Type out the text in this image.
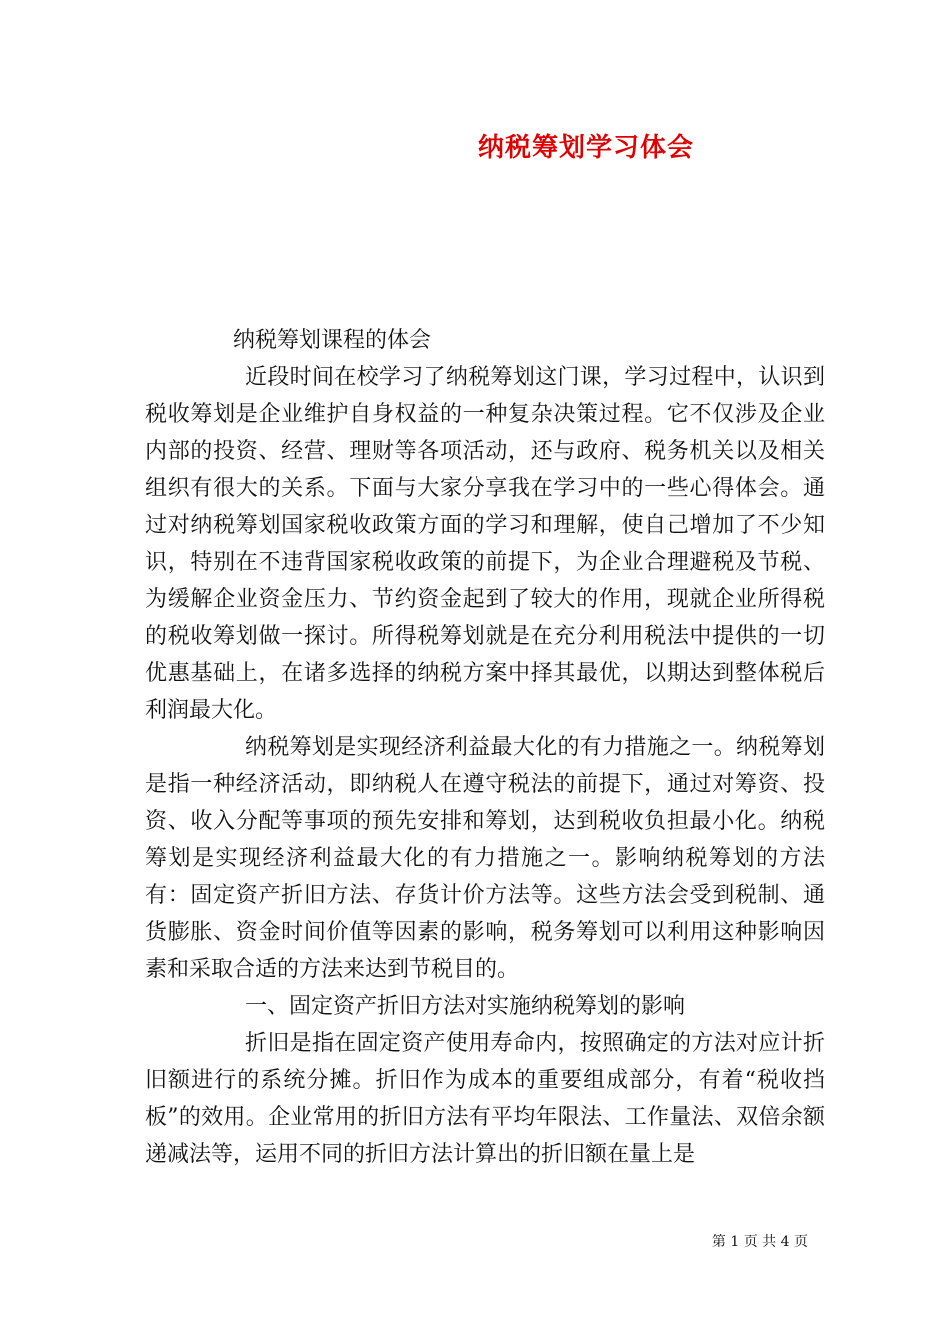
纳税筹划学习体会

纳税筹划课程的体会

近段时间在校学习了纳税筹划这门课，学习过程中，认识到税收筹划是企业维护自身权益的一种复杂决策过程。它不仅涉及企业内部的投资、经营、理财等各项活动，还与政府、税务机关以及相关组织有很大的关系。下面与大家分享我在学习中的一些心得体会。通过对纳税筹划国家税收政策方面的学习和理解，使自己增加了不少知识，特别在不违背国家税收政策的前提下，为企业合理避税及节税、为缓解企业资金压力、节约资金起到了较大的作用，现就企业所得税的税收筹划做一探讨。所得税筹划就是在充分利用税法中提供的一切优惠基础上，在诸多选择的纳税方案中择其最优，以期达到整体税后利润最大化。

纳税筹划是实现经济利益最大化的有力措施之一。纳税筹划是指一种经济活动，即纳税人在遵守税法的前提下，通过对筹资、投资、收入分配等事项的预先安排和筹划，达到税收负担最小化。纳税筹划是实现经济利益最大化的有力措施之一。影响纳税筹划的方法有：固定资产折旧方法、存货计价方法等。这些方法会受到税制、通货膨胀、资金时间价值等因素的影响，税务筹划可以利用这种影响因素和采取合适的方法来达到节税目的。

一、固定资产折旧方法对实施纳税筹划的影响

折旧是指在固定资产使用寿命内，按照确定的方法对应计折旧额进行的系统分摊。折旧作为成本的重要组成部分，有着“税收挡板”的效用。企业常用的折旧方法有平均年限法、工作量法、双倍余额递减法等，运用不同的折旧方法计算出的折旧额在量上是

第 1 页 共 4 页
